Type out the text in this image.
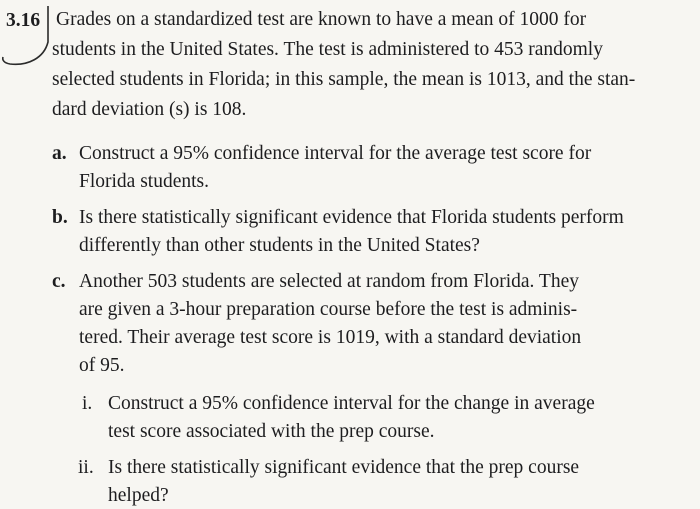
3.16 Grades on a standardized test are known to have a mean of 1000 for
students in the United States. The test is administered to 453 randomly
selected students in Florida; in this sample, the mean is 1013, and the stan-
dard deviation (s) is 108.
a. Construct a 95% confidence interval for the average test score for
Florida students.
b. Is there statistically significant evidence that Florida students perform
differently than other students in the United States?
c. Another 503 students are selected at random from Florida. They
are given a 3-hour preparation course before the test is adminis-
tered. Their average test score is 1019, with a standard deviation
of 95.
i. Construct a 95% confidence interval for the change in average
test score associated with the prep course.
ii. Is there statistically significant evidence that the prep course
helped?
